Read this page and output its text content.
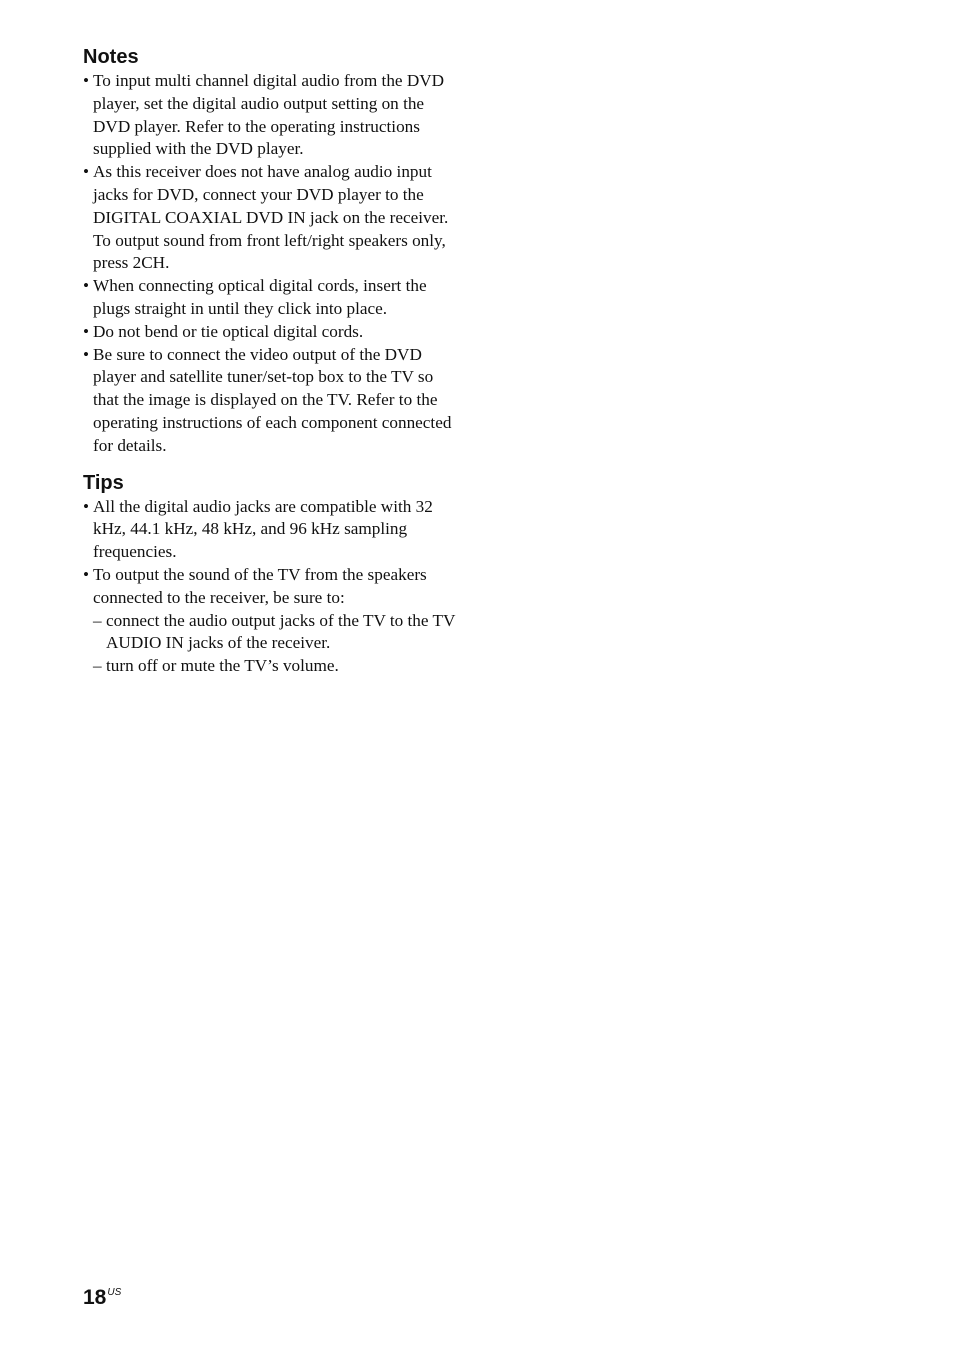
Notes
• To input multi channel digital audio from the DVD player, set the digital audio output setting on the DVD player. Refer to the operating instructions supplied with the DVD player.
• As this receiver does not have analog audio input jacks for DVD, connect your DVD player to the DIGITAL COAXIAL DVD IN jack on the receiver. To output sound from front left/right speakers only, press 2CH.
• When connecting optical digital cords, insert the plugs straight in until they click into place.
• Do not bend or tie optical digital cords.
• Be sure to connect the video output of the DVD player and satellite tuner/set-top box to the TV so that the image is displayed on the TV. Refer to the operating instructions of each component connected for details.
Tips
• All the digital audio jacks are compatible with 32 kHz, 44.1 kHz, 48 kHz, and 96 kHz sampling frequencies.
• To output the sound of the TV from the speakers connected to the receiver, be sure to:
– connect the audio output jacks of the TV to the TV AUDIO IN jacks of the receiver.
– turn off or mute the TV’s volume.
$18^{US}$
